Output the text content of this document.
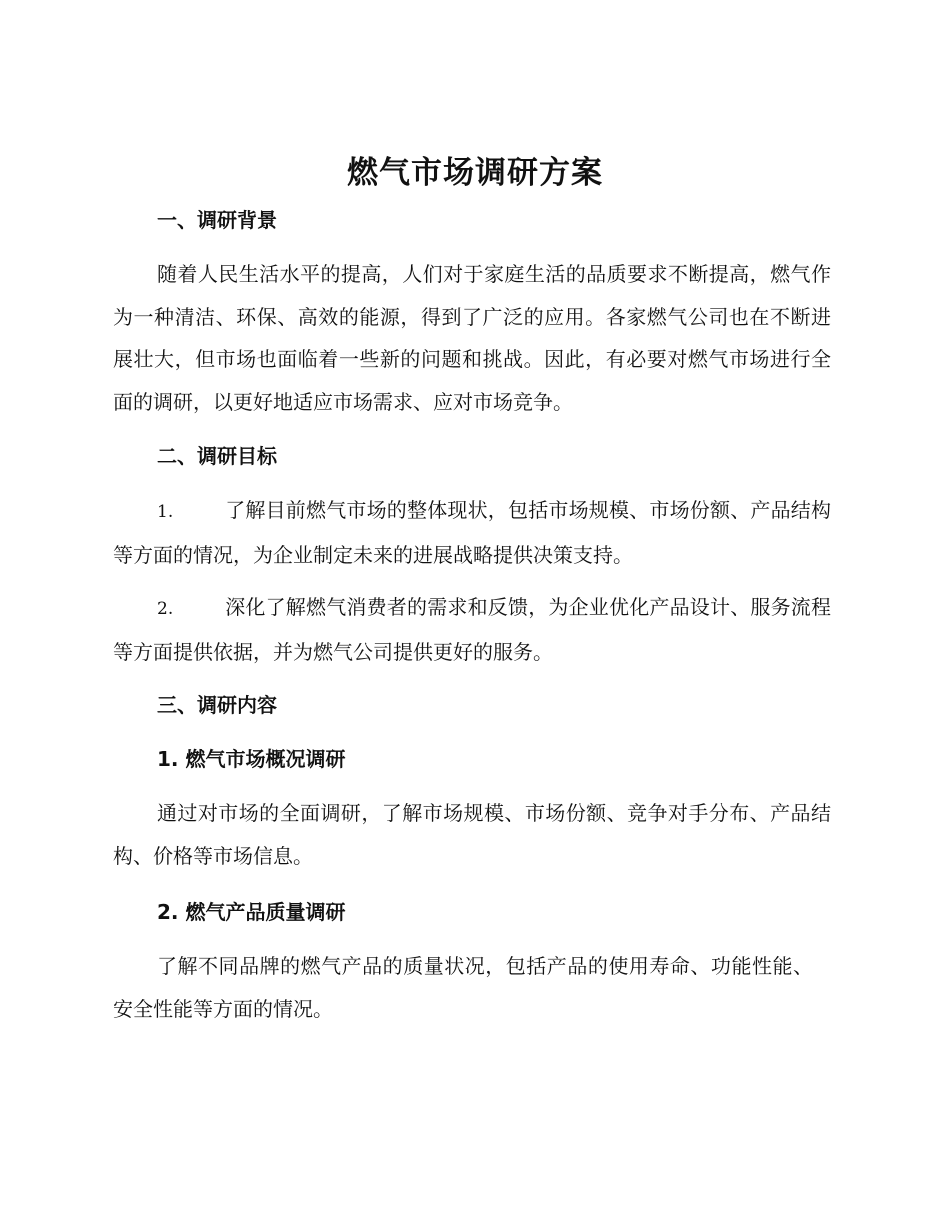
燃气市场调研方案
一、调研背景
随着人民生活水平的提高，人们对于家庭生活的品质要求不断提高，燃气作为一种清洁、环保、高效的能源，得到了广泛的应用。各家燃气公司也在不断进展壮大，但市场也面临着一些新的问题和挑战。因此，有必要对燃气市场进行全面的调研，以更好地适应市场需求、应对市场竞争。
二、调研目标
1.	了解目前燃气市场的整体现状，包括市场规模、市场份额、产品结构等方面的情况，为企业制定未来的进展战略提供决策支持。
2.	深化了解燃气消费者的需求和反馈，为企业优化产品设计、服务流程等方面提供依据，并为燃气公司提供更好的服务。
三、调研内容
1. 燃气市场概况调研
通过对市场的全面调研，了解市场规模、市场份额、竞争对手分布、产品结构、价格等市场信息。
2. 燃气产品质量调研
了解不同品牌的燃气产品的质量状况，包括产品的使用寿命、功能性能、安全性能等方面的情况。
